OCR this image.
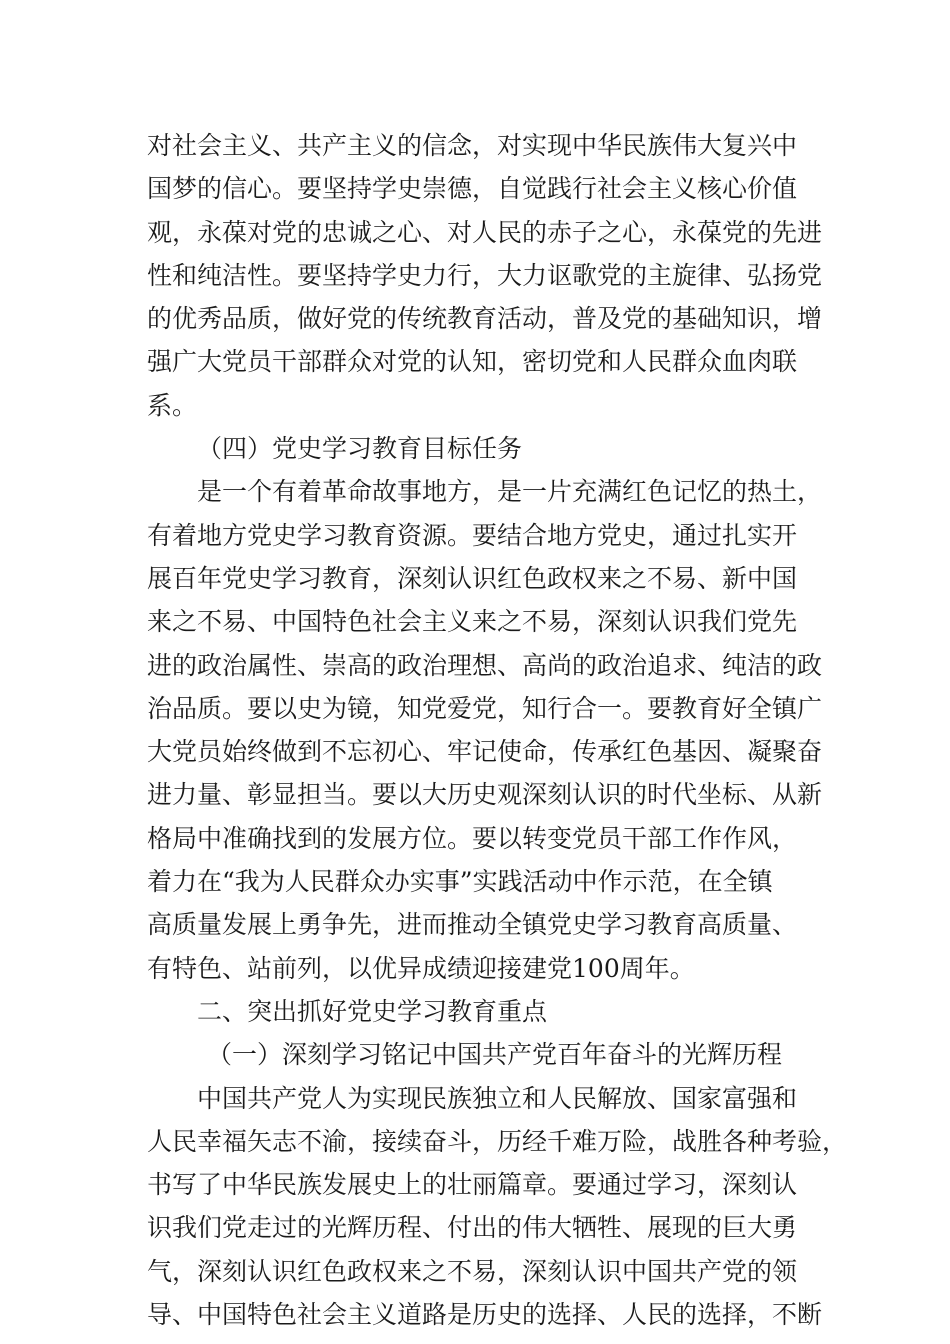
对社会主义、共产主义的信念，对实现中华民族伟大复兴中
国梦的信心。要坚持学史崇德，自觉践行社会主义核心价值
观，永葆对党的忠诚之心、对人民的赤子之心，永葆党的先进
性和纯洁性。要坚持学史力行，大力讴歌党的主旋律、弘扬党
的优秀品质，做好党的传统教育活动，普及党的基础知识，增
强广大党员干部群众对党的认知，密切党和人民群众血肉联
系。
（四）党史学习教育目标任务
是一个有着革命故事地方，是一片充满红色记忆的热土，
有着地方党史学习教育资源。要结合地方党史，通过扎实开
展百年党史学习教育，深刻认识红色政权来之不易、新中国
来之不易、中国特色社会主义来之不易，深刻认识我们党先
进的政治属性、崇高的政治理想、高尚的政治追求、纯洁的政
治品质。要以史为镜，知党爱党，知行合一。要教育好全镇广
大党员始终做到不忘初心、牢记使命，传承红色基因、凝聚奋
进力量、彰显担当。要以大历史观深刻认识的时代坐标、从新
格局中准确找到的发展方位。要以转变党员干部工作作风，
着力在“我为人民群众办实事”实践活动中作示范，在全镇
高质量发展上勇争先，进而推动全镇党史学习教育高质量、
有特色、站前列，以优异成绩迎接建党100周年。
二、突出抓好党史学习教育重点
（一）深刻学习铭记中国共产党百年奋斗的光辉历程
中国共产党人为实现民族独立和人民解放、国家富强和
人民幸福矢志不渝，接续奋斗，历经千难万险，战胜各种考验，
书写了中华民族发展史上的壮丽篇章。要通过学习，深刻认
识我们党走过的光辉历程、付出的伟大牺牲、展现的巨大勇
气，深刻认识红色政权来之不易，深刻认识中国共产党的领
导、中国特色社会主义道路是历史的选择、人民的选择，不断
